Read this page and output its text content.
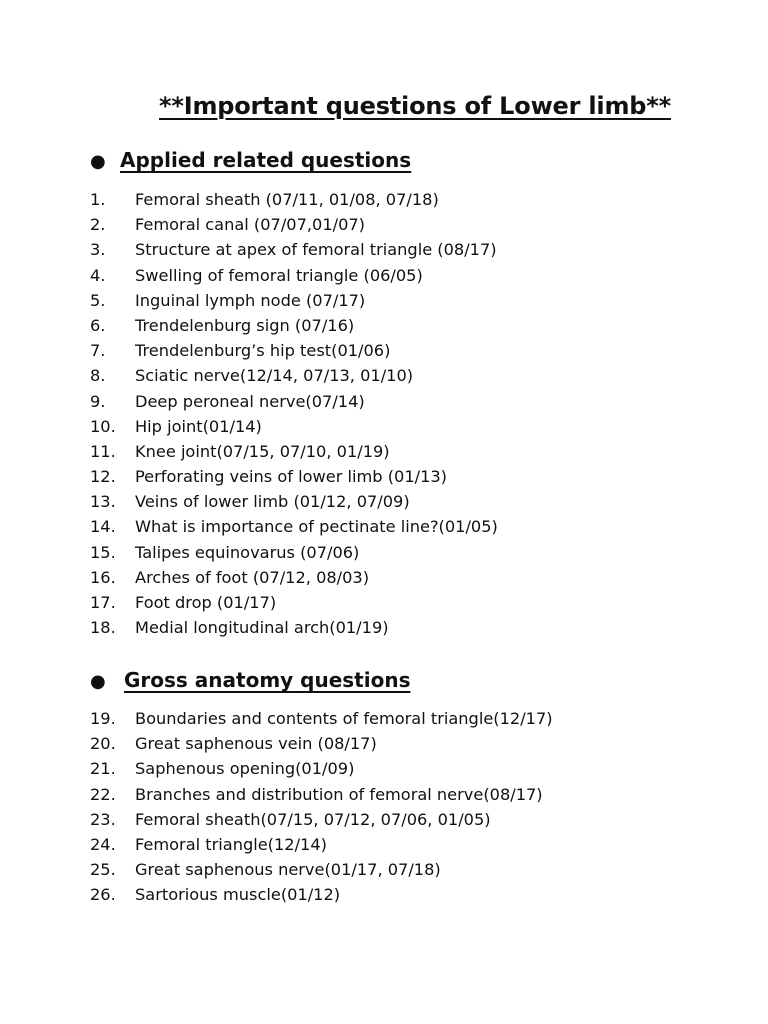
**Important questions of Lower limb**
● Applied related questions
1. Femoral sheath (07/11, 01/08, 07/18)
2. Femoral canal (07/07,01/07)
3. Structure at apex of femoral triangle (08/17)
4. Swelling of femoral triangle (06/05)
5. Inguinal lymph node (07/17)
6. Trendelenburg sign (07/16)
7. Trendelenburg’s hip test(01/06)
8. Sciatic nerve(12/14, 07/13, 01/10)
9. Deep peroneal nerve(07/14)
10. Hip joint(01/14)
11. Knee joint(07/15, 07/10, 01/19)
12. Perforating veins of lower limb (01/13)
13. Veins of lower limb (01/12, 07/09)
14. What is importance of pectinate line?(01/05)
15. Talipes equinovarus (07/06)
16. Arches of foot (07/12, 08/03)
17. Foot drop (01/17)
18. Medial longitudinal arch(01/19)
● Gross anatomy questions
19. Boundaries and contents of femoral triangle(12/17)
20. Great saphenous vein (08/17)
21. Saphenous opening(01/09)
22. Branches and distribution of femoral nerve(08/17)
23. Femoral sheath(07/15, 07/12, 07/06, 01/05)
24. Femoral triangle(12/14)
25. Great saphenous nerve(01/17, 07/18)
26. Sartorious muscle(01/12)
